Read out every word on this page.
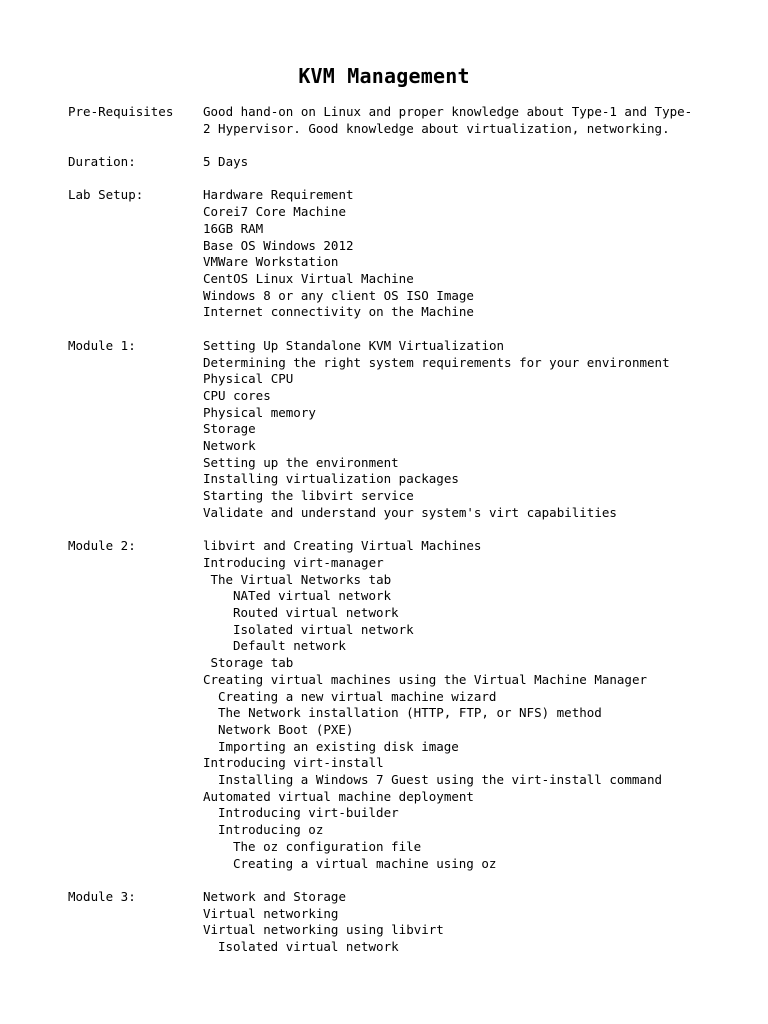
KVM Management
Pre-Requisites	Good hand-on on Linux and proper knowledge about Type-1 and Type-
2 Hypervisor. Good knowledge about virtualization, networking.
Duration:	5 Days
Lab Setup:	Hardware Requirement
Corei7 Core Machine
16GB RAM
Base OS Windows 2012
VMWare Workstation
CentOS Linux Virtual Machine
Windows 8 or any client OS ISO Image
Internet connectivity on the Machine
Module 1:	Setting Up Standalone KVM Virtualization
Determining the right system requirements for your environment
Physical CPU
CPU cores
Physical memory
Storage
Network
Setting up the environment
Installing virtualization packages
Starting the libvirt service
Validate and understand your system's virt capabilities
Module 2:	libvirt and Creating Virtual Machines
Introducing virt-manager
The Virtual Networks tab
NATed virtual network
Routed virtual network
Isolated virtual network
Default network
Storage tab
Creating virtual machines using the Virtual Machine Manager
Creating a new virtual machine wizard
The Network installation (HTTP, FTP, or NFS) method
Network Boot (PXE)
Importing an existing disk image
Introducing virt-install
Installing a Windows 7 Guest using the virt-install command
Automated virtual machine deployment
Introducing virt-builder
Introducing oz
The oz configuration file
Creating a virtual machine using oz
Module 3:	Network and Storage
Virtual networking
Virtual networking using libvirt
Isolated virtual network
